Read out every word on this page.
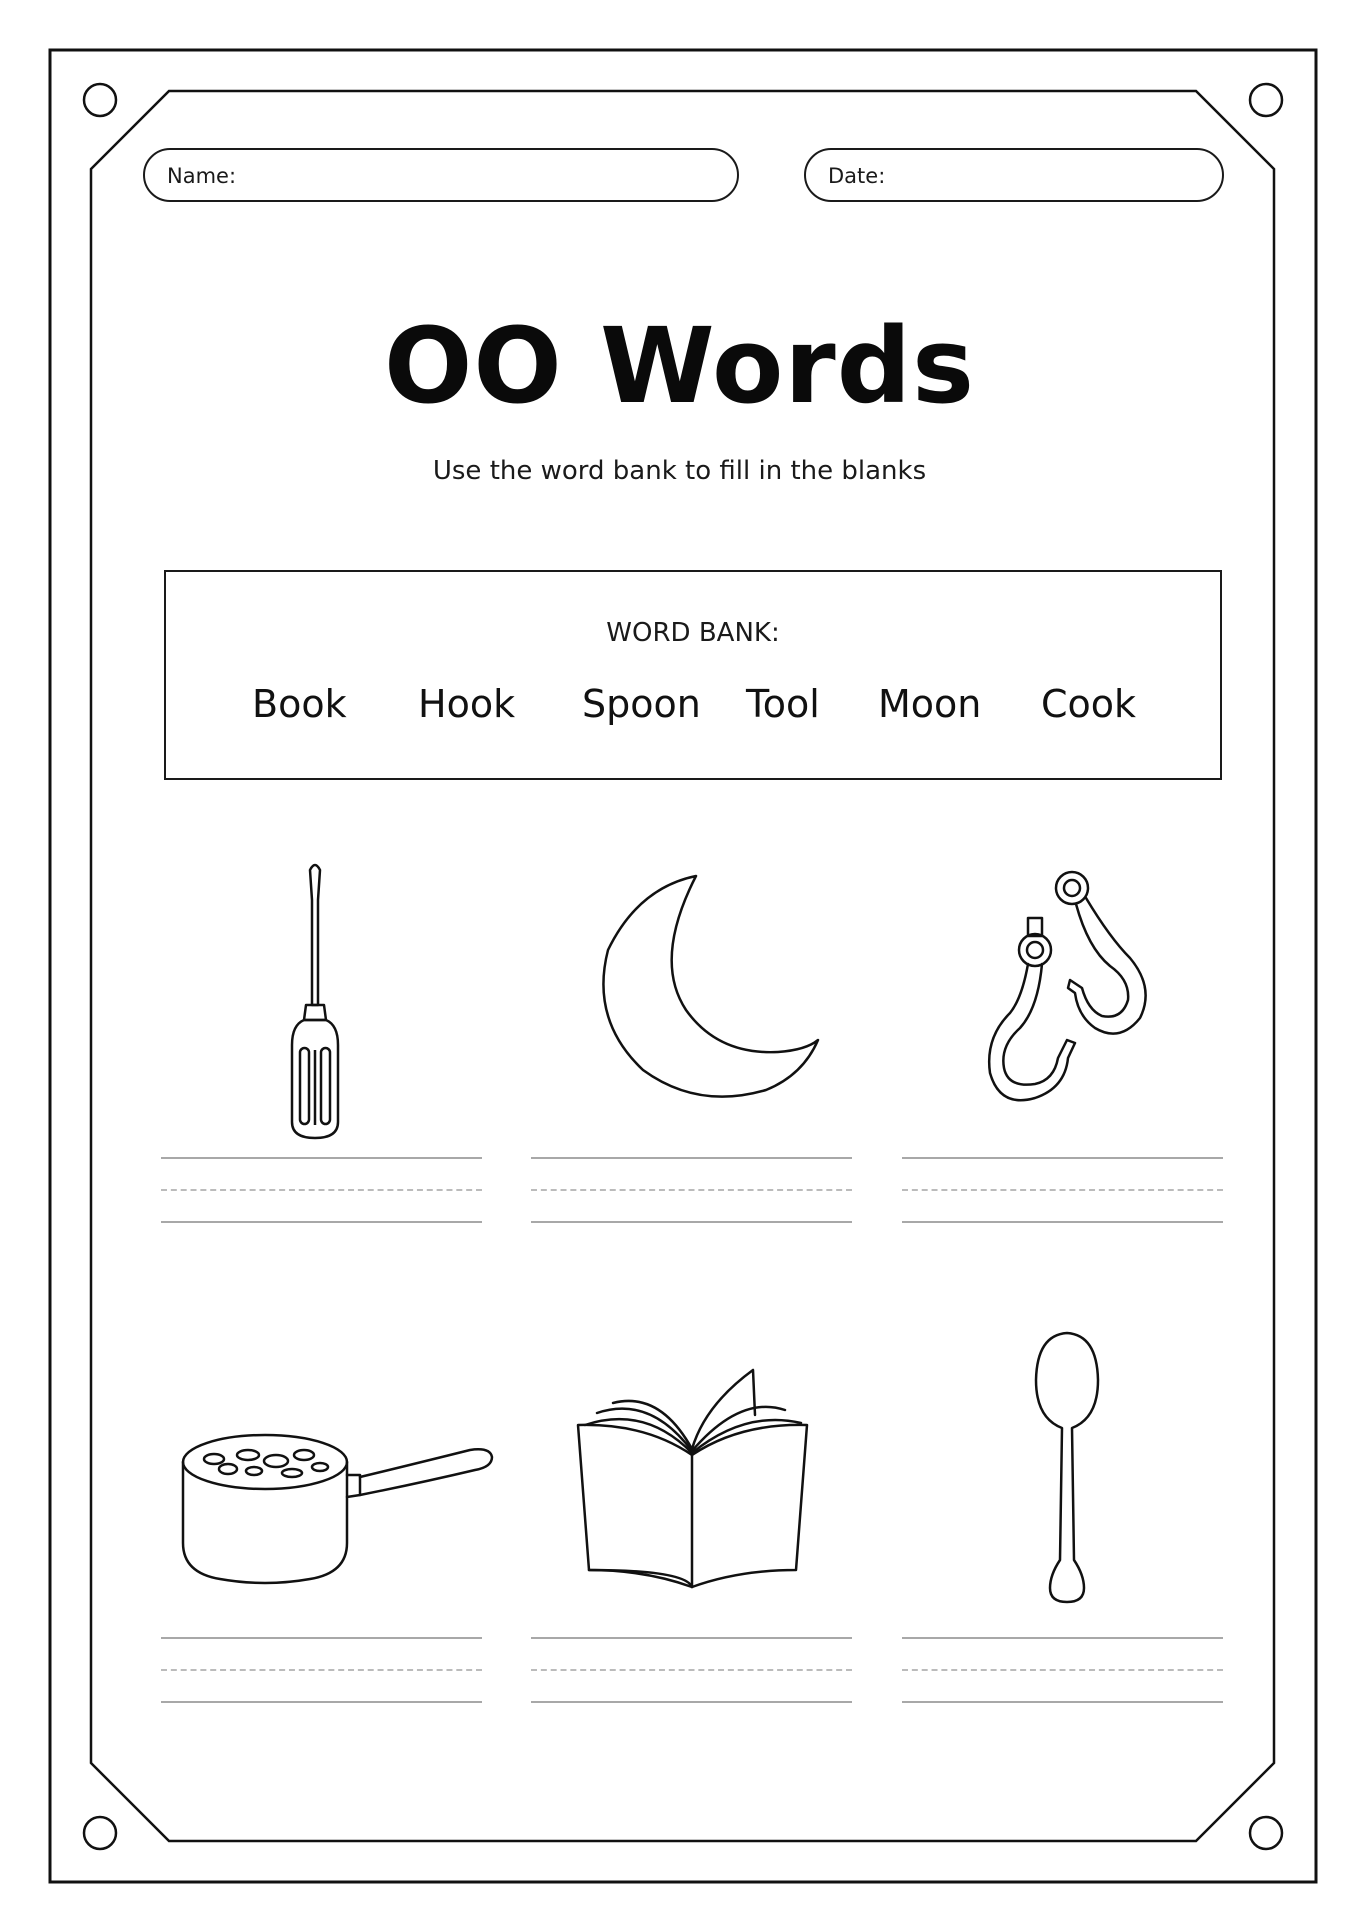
Name:	Date:
OO Words
Use the word bank to fill in the blanks
WORD BANK:
Book Hook Spoon Tool Moon Cook
